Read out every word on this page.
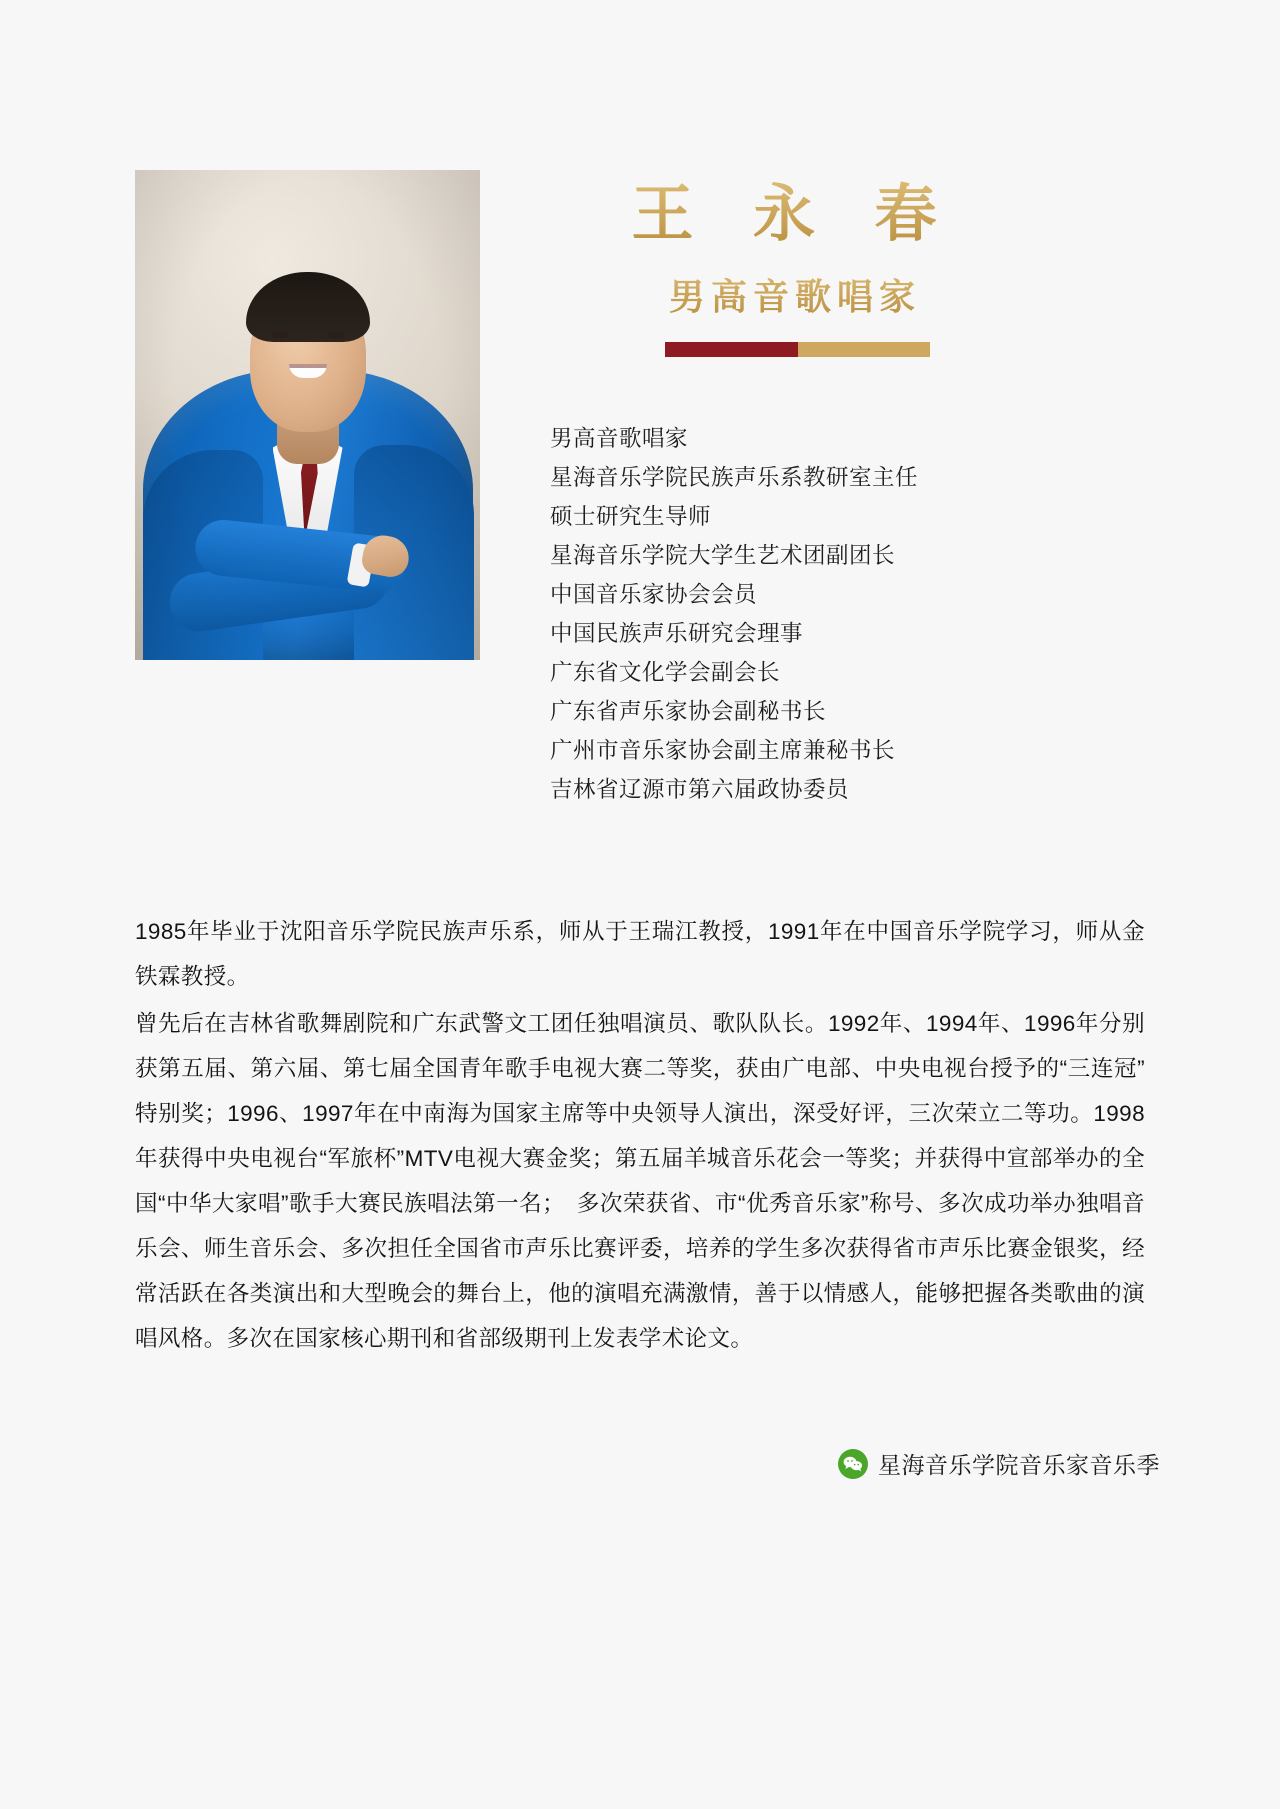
王 永 春
男高音歌唱家
男高音歌唱家
星海音乐学院民族声乐系教研室主任
硕士研究生导师
星海音乐学院大学生艺术团副团长
中国音乐家协会会员
中国民族声乐研究会理事
广东省文化学会副会长
广东省声乐家协会副秘书长
广州市音乐家协会副主席兼秘书长
吉林省辽源市第六届政协委员

1985年毕业于沈阳音乐学院民族声乐系，师从于王瑞江教授，1991年在中国音乐学院学习，师从金铁霖教授。

曾先后在吉林省歌舞剧院和广东武警文工团任独唱演员、歌队队长。1992年、1994年、1996年分别获第五届、第六届、第七届全国青年歌手电视大赛二等奖，获由广电部、中央电视台授予的“三连冠”特别奖；1996、1997年在中南海为国家主席等中央领导人演出，深受好评，三次荣立二等功。1998年获得中央电视台“军旅杯”MTV电视大赛金奖；第五届羊城音乐花会一等奖；并获得中宣部举办的全国“中华大家唱”歌手大赛民族唱法第一名；　多次荣获省、市“优秀音乐家”称号、多次成功举办独唱音乐会、师生音乐会、多次担任全国省市声乐比赛评委，培养的学生多次获得省市声乐比赛金银奖，经常活跃在各类演出和大型晚会的舞台上，他的演唱充满激情，善于以情感人，能够把握各类歌曲的演唱风格。多次在国家核心期刊和省部级期刊上发表学术论文。

星海音乐学院音乐家音乐季
